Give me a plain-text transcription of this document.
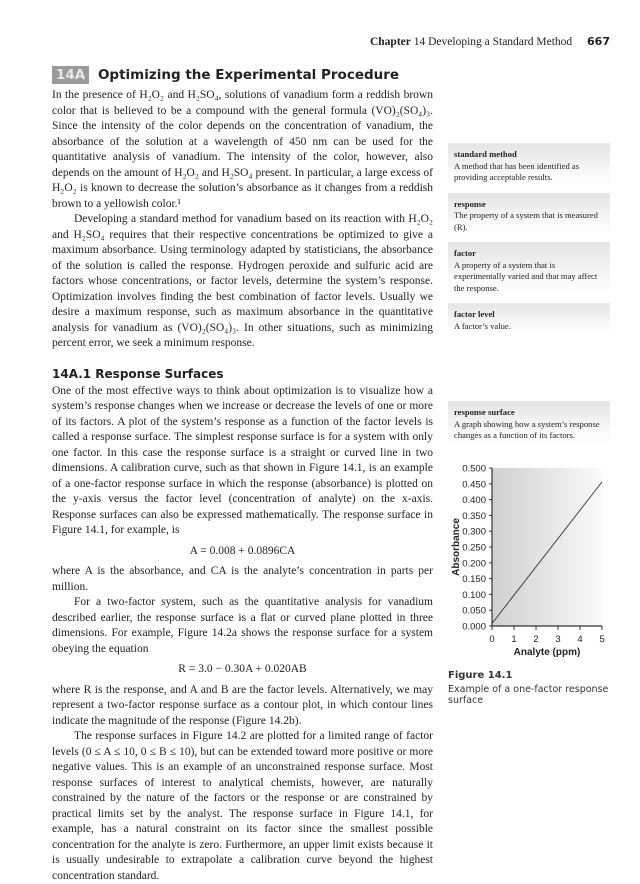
Chapter 14 Developing a Standard Method 667
14A Optimizing the Experimental Procedure

In the presence of H₂O₂ and H₂SO₄, solutions of vanadium form a reddish brown color that is believed to be a compound with the general formula (VO)₂(SO₄)₃. Since the intensity of the color depends on the concentration of vanadium, the absorbance of the solution at a wavelength of 450 nm can be used for the quantitative analysis of vanadium. The intensity of the color, however, also depends on the amount of H₂O₂ and H₂SO₄ present. In particular, a large excess of H₂O₂ is known to decrease the solution’s absorbance as it changes from a reddish brown to a yellowish color.¹

Developing a standard method for vanadium based on its reaction with H₂O₂ and H₂SO₄ requires that their respective concentrations be optimized to give a maximum absorbance. Using terminology adapted by statisticians, the absorbance of the solution is called the response. Hydrogen peroxide and sulfuric acid are factors whose concentrations, or factor levels, determine the system’s response. Optimization involves finding the best combination of factor levels. Usually we desire a maximum response, such as maximum absorbance in the quantitative analysis for vanadium as (VO)₂(SO₄)₃. In other situations, such as minimizing percent error, we seek a minimum response.

14A.1 Response Surfaces

One of the most effective ways to think about optimization is to visualize how a system’s response changes when we increase or decrease the levels of one or more of its factors. A plot of the system’s response as a function of the factor levels is called a response surface. The simplest response surface is for a system with only one factor. In this case the response surface is a straight or curved line in two dimensions. A calibration curve, such as that shown in Figure 14.1, is an example of a one-factor response surface in which the response (absorbance) is plotted on the y-axis versus the factor level (concentration of analyte) on the x-axis. Response surfaces can also be expressed mathematically. The response surface in Figure 14.1, for example, is

A = 0.008 + 0.0896CA

where A is the absorbance, and CA is the analyte’s concentration in parts per million.

For a two-factor system, such as the quantitative analysis for vanadium described earlier, the response surface is a flat or curved plane plotted in three dimensions. For example, Figure 14.2a shows the response surface for a system obeying the equation

R = 3.0 − 0.30A + 0.020AB

where R is the response, and A and B are the factor levels. Alternatively, we may represent a two-factor response surface as a contour plot, in which contour lines indicate the magnitude of the response (Figure 14.2b).

The response surfaces in Figure 14.2 are plotted for a limited range of factor levels (0 ≤ A ≤ 10, 0 ≤ B ≤ 10), but can be extended toward more positive or more negative values. This is an example of an unconstrained response surface. Most response surfaces of interest to analytical chemists, however, are naturally constrained by the nature of the factors or the response or are constrained by practical limits set by the analyst. The response surface in Figure 14.1, for example, has a natural constraint on its factor since the smallest possible concentration for the analyte is zero. Furthermore, an upper limit exists because it is usually undesirable to extrapolate a calibration curve beyond the highest concentration standard.

standard method
A method that has been identified as providing acceptable results.
response
The property of a system that is measured (R).
factor
A property of a system that is experimentally varied and that may affect the response.
factor level
A factor’s value.
response surface
A graph showing how a system’s response changes as a function of its factors.
0.000
0.050
0.100
0.150
0.200
0.250
0.300
0.350
0.400
0.450
0.500
0 1 2 3 4 5
Absorbance
Analyte (ppm)
Figure 14.1
Example of a one-factor response surface
